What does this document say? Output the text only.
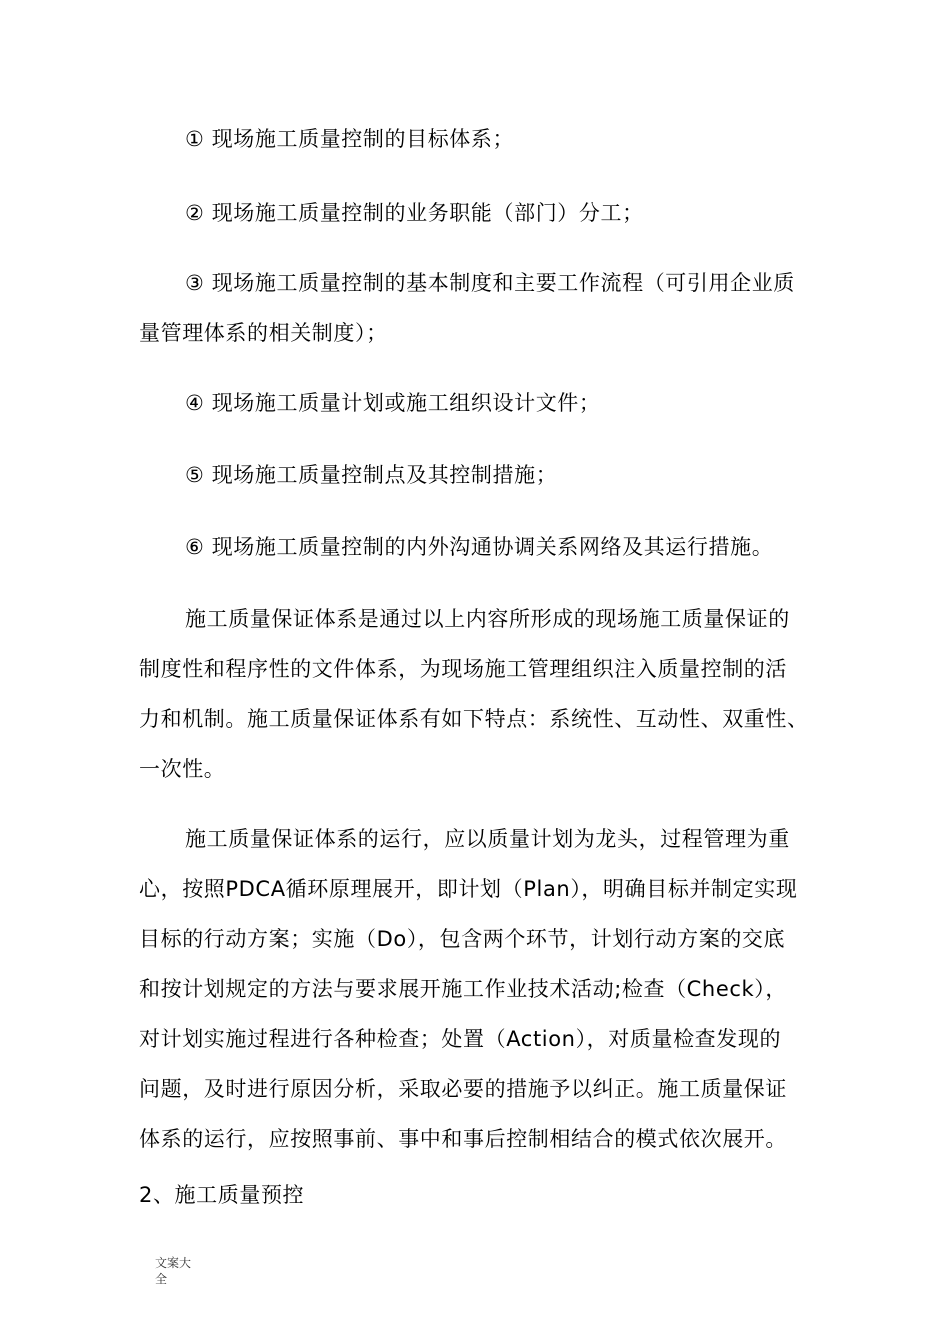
① 现场施工质量控制的目标体系；
② 现场施工质量控制的业务职能（部门）分工；
③ 现场施工质量控制的基本制度和主要工作流程（可引用企业质
量管理体系的相关制度）；
④ 现场施工质量计划或施工组织设计文件；
⑤ 现场施工质量控制点及其控制措施；
⑥ 现场施工质量控制的内外沟通协调关系网络及其运行措施。
施工质量保证体系是通过以上内容所形成的现场施工质量保证的
制度性和程序性的文件体系，为现场施工管理组织注入质量控制的活
力和机制。施工质量保证体系有如下特点：系统性、互动性、双重性、
一次性。
施工质量保证体系的运行，应以质量计划为龙头，过程管理为重
心，按照PDCA循环原理展开，即计划（Plan），明确目标并制定实现
目标的行动方案；实施（Do），包含两个环节，计划行动方案的交底
和按计划规定的方法与要求展开施工作业技术活动;检查（Check），
对计划实施过程进行各种检查；处置（Action），对质量检查发现的
问题，及时进行原因分析，采取必要的措施予以纠正。施工质量保证
体系的运行，应按照事前、事中和事后控制相结合的模式依次展开。
2、施工质量预控
文案大
全
